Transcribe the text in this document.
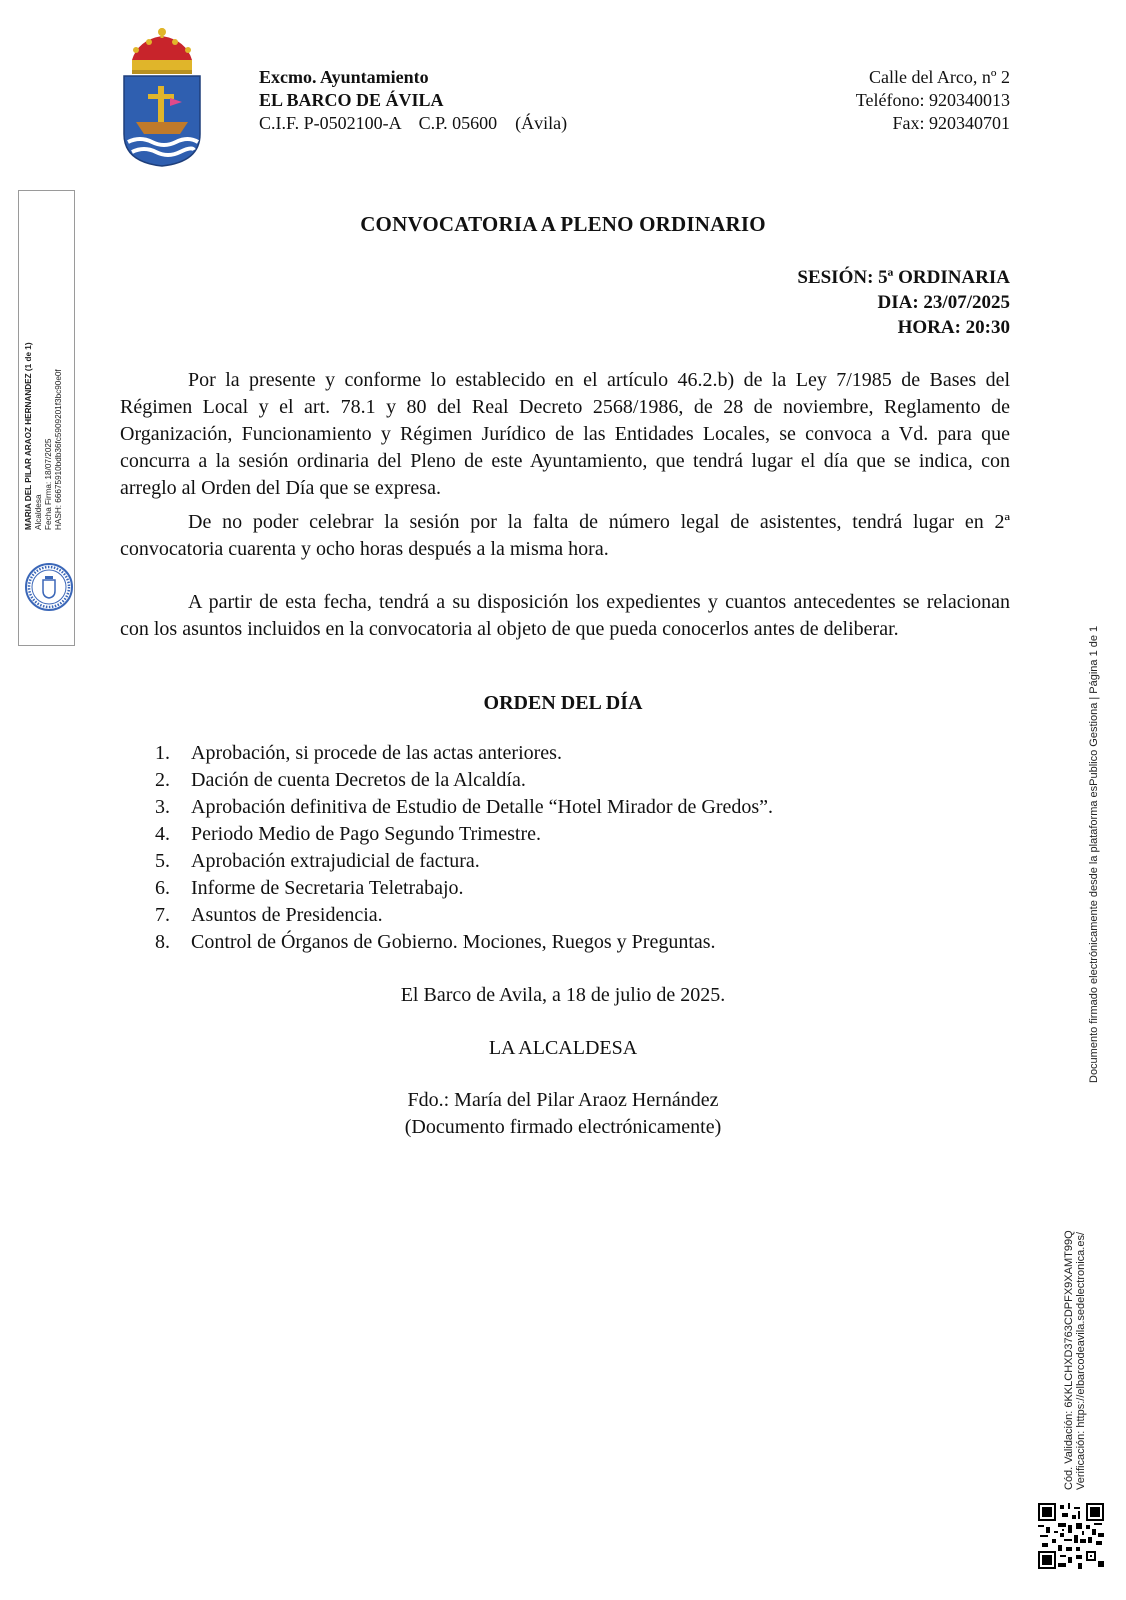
Excmo. Ayuntamiento
EL BARCO DE ÁVILA
C.I.F. P-0502100-A    C.P. 05600    (Ávila)
Calle del Arco, nº 2
Teléfono: 920340013
Fax: 920340701
MARIA DEL PILAR ARAOZ HERNANDEZ (1 de 1) Alcaldesa Fecha Firma: 18/07/2025 HASH: 66675910bdb36fc5909201f3bc90e0f
CONVOCATORIA A PLENO ORDINARIO
SESIÓN: 5ª ORDINARIA
DIA: 23/07/2025
HORA: 20:30
Por la presente y conforme lo establecido en el artículo 46.2.b) de la Ley 7/1985 de Bases del Régimen Local y el art. 78.1 y 80 del Real Decreto 2568/1986, de 28 de noviembre, Reglamento de Organización, Funcionamiento y Régimen Jurídico de las Entidades Locales, se convoca a Vd. para que concurra a la sesión ordinaria del Pleno de este Ayuntamiento, que tendrá lugar el día que se indica, con arreglo al Orden del Día que se expresa.
De no poder celebrar la sesión por la falta de número legal de asistentes, tendrá lugar en 2ª convocatoria cuarenta y ocho horas después a la misma hora.
A partir de esta fecha, tendrá a su disposición los expedientes y cuantos antecedentes se relacionan con los asuntos incluidos en la convocatoria al objeto de que pueda conocerlos antes de deliberar.
ORDEN DEL DÍA
1. Aprobación, si procede de las actas anteriores.
2. Dación de cuenta Decretos de la Alcaldía.
3. Aprobación definitiva de Estudio de Detalle “Hotel Mirador de Gredos”.
4. Periodo Medio de Pago Segundo Trimestre.
5. Aprobación extrajudicial de factura.
6. Informe de Secretaria Teletrabajo.
7. Asuntos de Presidencia.
8. Control de Órganos de Gobierno. Mociones, Ruegos y Preguntas.
El Barco de Avila, a 18 de julio de 2025.
LA ALCALDESA
Fdo.: María del Pilar Araoz Hernández
(Documento firmado electrónicamente)
Documento firmado electrónicamente desde la plataforma esPublico Gestiona | Página 1 de 1
Cód. Validación: 6KKLCHXD3763CDPFX9XAMT99Q Verificación: https://elbarcodeavila.sedelectronica.es/
